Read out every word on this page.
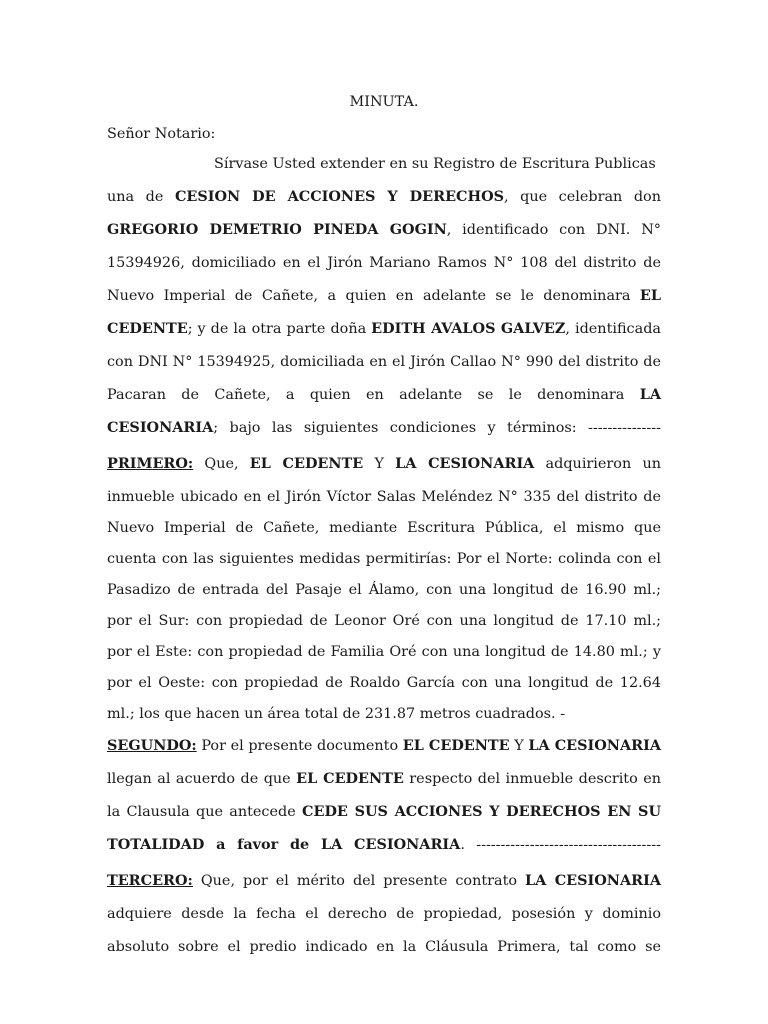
MINUTA.
Señor Notario:
Sírvase Usted extender en su Registro de Escritura Publicas
una de CESION DE ACCIONES Y DERECHOS, que celebran don
GREGORIO DEMETRIO PINEDA GOGIN, identificado con DNI. N°
15394926, domiciliado en el Jirón Mariano Ramos N° 108 del distrito de
Nuevo Imperial de Cañete, a quien en adelante se le denominara EL
CEDENTE; y de la otra parte doña EDITH AVALOS GALVEZ, identificada
con DNI N° 15394925, domiciliada en el Jirón Callao N° 990 del distrito de
Pacaran de Cañete, a quien en adelante se le denominara LA
CESIONARIA; bajo las siguientes condiciones y términos: ---------------
PRIMERO: Que, EL CEDENTE Y LA CESIONARIA adquirieron un
inmueble ubicado en el Jirón Víctor Salas Meléndez N° 335 del distrito de
Nuevo Imperial de Cañete, mediante Escritura Pública, el mismo que
cuenta con las siguientes medidas permitirías: Por el Norte: colinda con el
Pasadizo de entrada del Pasaje el Álamo, con una longitud de 16.90 ml.;
por el Sur: con propiedad de Leonor Oré con una longitud de 17.10 ml.;
por el Este: con propiedad de Familia Oré con una longitud de 14.80 ml.; y
por el Oeste: con propiedad de Roaldo García con una longitud de 12.64
ml.; los que hacen un área total de 231.87 metros cuadrados. -
SEGUNDO: Por el presente documento EL CEDENTE Y LA CESIONARIA
llegan al acuerdo de que EL CEDENTE respecto del inmueble descrito en
la Clausula que antecede CEDE SUS ACCIONES Y DERECHOS EN SU
TOTALIDAD a favor de LA CESIONARIA. --------------------------------------
TERCERO: Que, por el mérito del presente contrato LA CESIONARIA
adquiere desde la fecha el derecho de propiedad, posesión y dominio
absoluto sobre el predio indicado en la Cláusula Primera, tal como se
